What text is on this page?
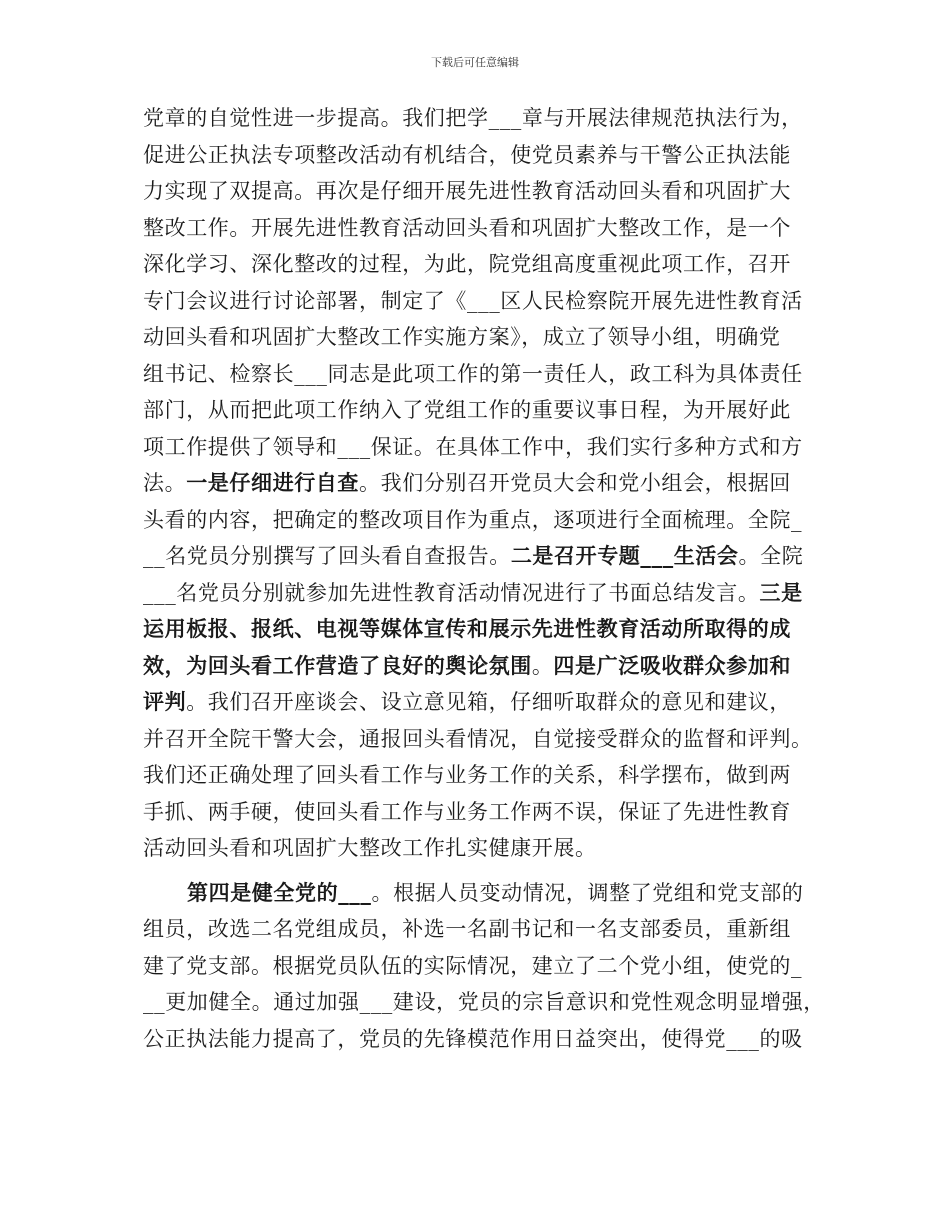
下载后可任意编辑
党章的自觉性进一步提高。我们把学___章与开展法律规范执法行为，
促进公正执法专项整改活动有机结合，使党员素养与干警公正执法能
力实现了双提高。再次是仔细开展先进性教育活动回头看和巩固扩大
整改工作。开展先进性教育活动回头看和巩固扩大整改工作，是一个
深化学习、深化整改的过程，为此，院党组高度重视此项工作，召开
专门会议进行讨论部署，制定了《___区人民检察院开展先进性教育活
动回头看和巩固扩大整改工作实施方案》，成立了领导小组，明确党
组书记、检察长___同志是此项工作的第一责任人，政工科为具体责任
部门，从而把此项工作纳入了党组工作的重要议事日程，为开展好此
项工作提供了领导和___保证。在具体工作中，我们实行多种方式和方
法。一是仔细进行自查。我们分别召开党员大会和党小组会，根据回
头看的内容，把确定的整改项目作为重点，逐项进行全面梳理。全院_
__名党员分别撰写了回头看自查报告。二是召开专题___生活会。全院
___名党员分别就参加先进性教育活动情况进行了书面总结发言。三是
运用板报、报纸、电视等媒体宣传和展示先进性教育活动所取得的成
效，为回头看工作营造了良好的舆论氛围。四是广泛吸收群众参加和
评判。我们召开座谈会、设立意见箱，仔细听取群众的意见和建议，
并召开全院干警大会，通报回头看情况，自觉接受群众的监督和评判。
我们还正确处理了回头看工作与业务工作的关系，科学摆布，做到两
手抓、两手硬，使回头看工作与业务工作两不误，保证了先进性教育
活动回头看和巩固扩大整改工作扎实健康开展。
第四是健全党的___。根据人员变动情况，调整了党组和党支部的
组员，改选二名党组成员，补选一名副书记和一名支部委员，重新组
建了党支部。根据党员队伍的实际情况，建立了二个党小组，使党的_
__更加健全。通过加强___建设，党员的宗旨意识和党性观念明显增强，
公正执法能力提高了，党员的先锋模范作用日益突出，使得党___的吸
